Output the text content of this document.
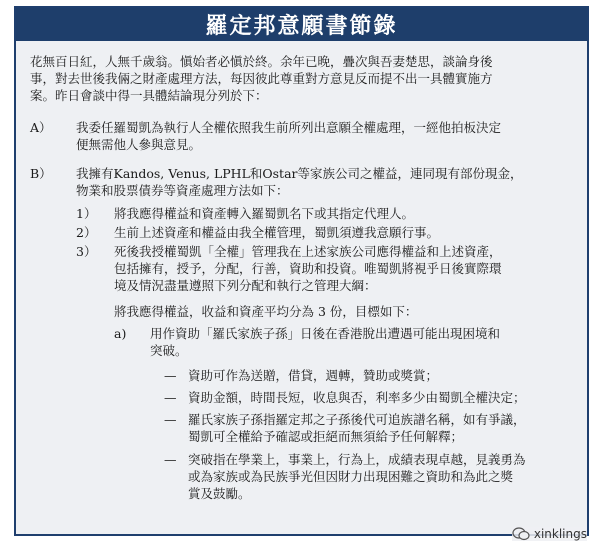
羅定邦意願書節錄
花無百日紅，人無千歲翁。愼始者必愼於終。余年已晚，疊次與吾妻楚思，談論身後
事，對去世後我倆之財產處理方法，每因彼此尊重對方意見反而提不出一具體實施方
案。昨日會談中得一具體結論現分列於下：
A） 我委任羅蜀凱為執行人全權依照我生前所列出意願全權處理，一經他拍板決定
便無需他人參與意見。
B） 我擁有Kandos, Venus, LPHL和Ostar等家族公司之權益，連同現有部份現金，
物業和股票債券等資產處理方法如下：
1） 將我應得權益和資產轉入羅蜀凱名下或其指定代理人。
2） 生前上述資產和權益由我全權管理，蜀凱須遵我意願行事。
3） 死後我授權蜀凱「全權」管理我在上述家族公司應得權益和上述資產，
包括擁有，授予，分配，行善，資助和投資。唯蜀凱將視乎日後實際環
境及情況盡量遵照下列分配和執行之管理大綱：
將我應得權益，收益和資產平均分為 3 份，目標如下：
a) 用作資助「羅氏家族子孫」日後在香港脫出遭遇可能出現困境和
突破。
— 資助可作為送贈，借貸，週轉，贊助或獎賞；
— 資助金額，時間長短，收息與否，利率多少由蜀凱全權決定；
— 羅氏家族子孫指羅定邦之子孫後代可追族譜名稱，如有爭議，
蜀凱可全權給予確認或拒絕而無須給予任何解釋；
— 突破指在學業上，事業上，行為上，成績表現卓越，見義勇為
或為家族或為民族爭光但因財力出現困難之資助和為此之獎
賞及鼓勵。
xinklings
